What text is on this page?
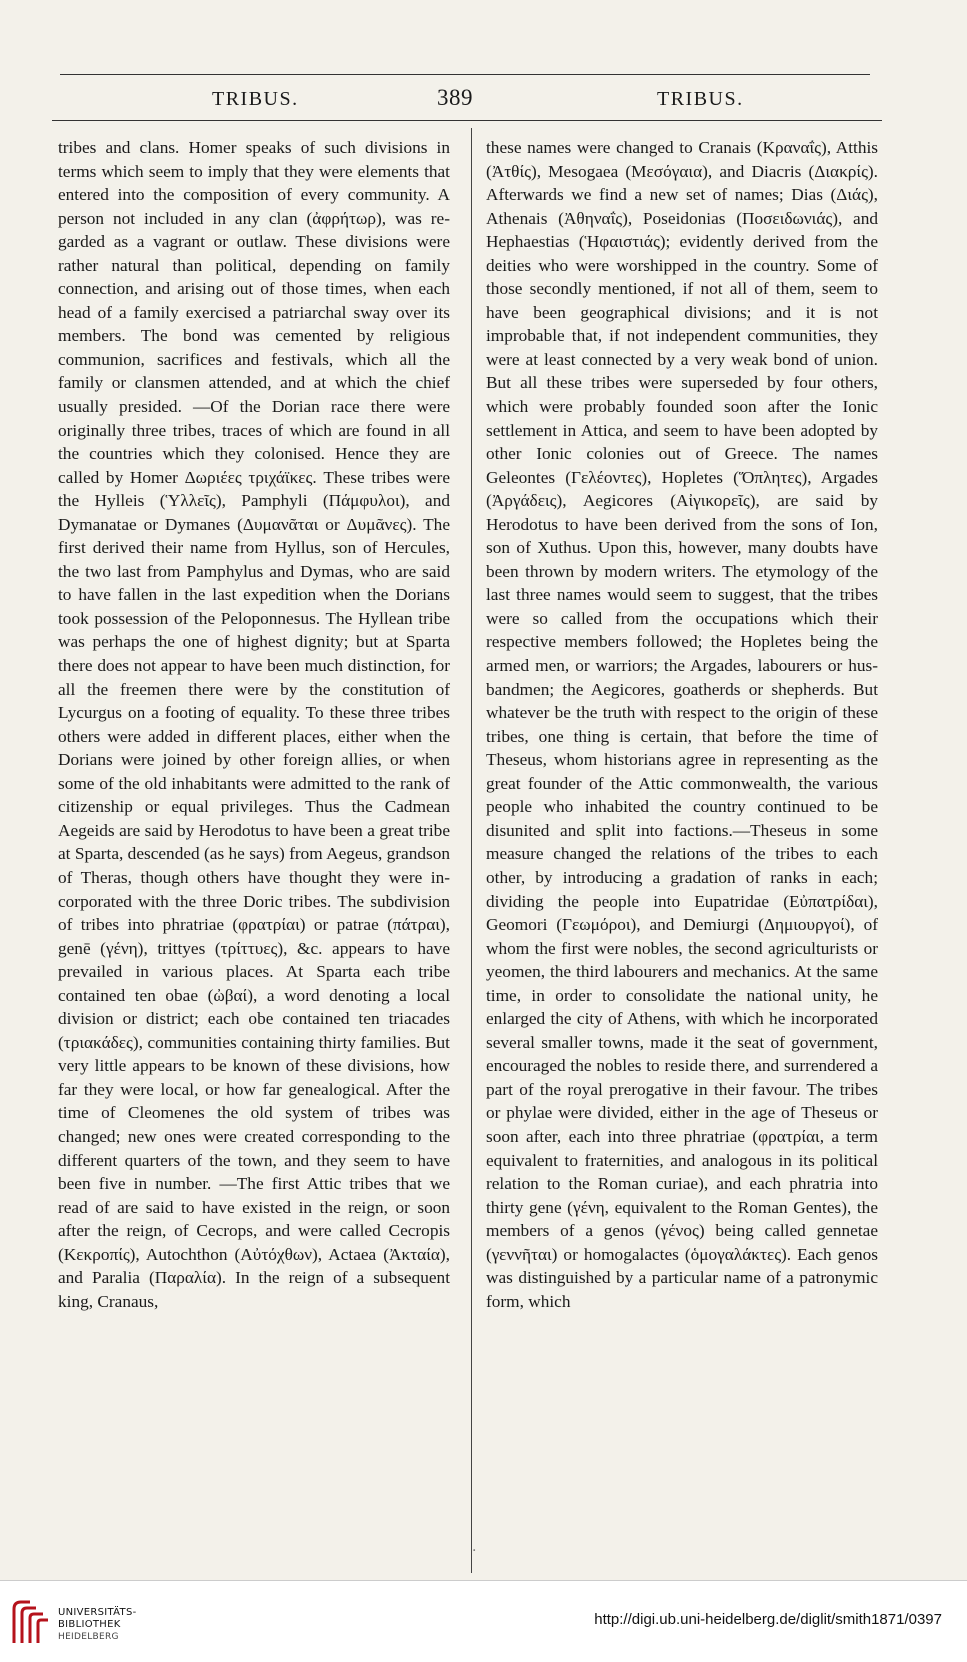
TRIBUS.	389	TRIBUS.

tribes and clans. Homer speaks of such divisions in terms which seem to imply that they were elements that entered into the composition of every community. A person not included in any clan (ἀφρήτωρ), was regarded as a vagrant or outlaw. These divisions were rather natural than political, depending on family connection, and arising out of those times, when each head of a family exercised a patriarchal sway over its members. The bond was cemented by religious communion, sacrifices and festivals, which all the family or clansmen attended, and at which the chief usually presided. —Of the Dorian race there were originally three tribes, traces of which are found in all the countries which they colonised. Hence they are called by Homer Δωριέες τριχάϊκες. These tribes were the Hylleis (Ὑλλεῖς), Pamphyli (Πάμφυλοι), and Dymanatae or Dymanes (Δυμανᾶται or Δυμᾶνες). The first derived their name from Hyllus, son of Hercules, the two last from Pamphylus and Dymas, who are said to have fallen in the last expedition when the Dorians took possession of the Peloponnesus. The Hyllean tribe was perhaps the one of highest dignity; but at Sparta there does not appear to have been much distinction, for all the freemen there were by the constitution of Lycurgus on a footing of equality. To these three tribes others were added in different places, either when the Dorians were joined by other foreign allies, or when some of the old inhabitants were admitted to the rank of citizenship or equal privileges. Thus the Cadmean Aegeids are said by Herodotus to have been a great tribe at Sparta, descended (as he says) from Aegeus, grandson of Theras, though others have thought they were incorporated with the three Doric tribes. The subdivision of tribes into phratriae (φρατρίαι) or patrae (πάτραι), genē (γένη), trittyes (τρίττυες), &c. appears to have prevailed in various places. At Sparta each tribe contained ten obae (ὠβαί), a word denoting a local division or district; each obe contained ten triacades (τριακάδες), communities containing thirty families. But very little appears to be known of these divisions, how far they were local, or how far genealogical. After the time of Cleomenes the old system of tribes was changed; new ones were created corresponding to the different quarters of the town, and they seem to have been five in number. —The first Attic tribes that we read of are said to have existed in the reign, or soon after the reign, of Cecrops, and were called Cecropis (Κεκροπίς), Autochthon (Αὐτόχθων), Actaea (Ἀκταία), and Paralia (Παραλία). In the reign of a subsequent king, Cranaus,

these names were changed to Cranais (Κραναΐς), Atthis (Ἀτθίς), Mesogaea (Μεσόγαια), and Diacris (Διακρίς). Afterwards we find a new set of names; Dias (Διάς), Athenais (Ἀθηναΐς), Poseidonias (Ποσειδωνιάς), and Hephaestias (Ἡφαιστιάς); evidently derived from the deities who were worshipped in the country. Some of those secondly mentioned, if not all of them, seem to have been geographical divisions; and it is not improbable that, if not independent communities, they were at least connected by a very weak bond of union. But all these tribes were superseded by four others, which were probably founded soon after the Ionic settlement in Attica, and seem to have been adopted by other Ionic colonies out of Greece. The names Geleontes (Γελέοντες), Hopletes (Ὅπλητες), Argades (Ἀργάδεις), Aegicores (Αἰγικορεῖς), are said by Herodotus to have been derived from the sons of Ion, son of Xuthus. Upon this, however, many doubts have been thrown by modern writers. The etymology of the last three names would seem to suggest, that the tribes were so called from the occupations which their respective members followed; the Hopletes being the armed men, or warriors; the Argades, labourers or husbandmen; the Aegicores, goatherds or shepherds. But whatever be the truth with respect to the origin of these tribes, one thing is certain, that before the time of Theseus, whom historians agree in representing as the great founder of the Attic commonwealth, the various people who inhabited the country continued to be disunited and split into factions.—Theseus in some measure changed the relations of the tribes to each other, by introducing a gradation of ranks in each; dividing the people into Eupatridae (Εὐπατρίδαι), Geomori (Γεωμόροι), and Demiurgi (Δημιουργοί), of whom the first were nobles, the second agriculturists or yeomen, the third labourers and mechanics. At the same time, in order to consolidate the national unity, he enlarged the city of Athens, with which he incorporated several smaller towns, made it the seat of government, encouraged the nobles to reside there, and surrendered a part of the royal prerogative in their favour. The tribes or phylae were divided, either in the age of Theseus or soon after, each into three phratriae (φρατρίαι, a term equivalent to fraternities, and analogous in its political relation to the Roman curiae), and each phratria into thirty gene (γένη, equivalent to the Roman Gentes), the members of a genos (γένος) being called gennetae (γεννῆται) or homogalactes (ὁμογαλάκτες). Each genos was distinguished by a particular name of a patronymic form, which

·
UNIVERSITÄTS-
BIBLIOTHEK
HEIDELBERG
http://digi.ub.uni-heidelberg.de/diglit/smith1871/0397
